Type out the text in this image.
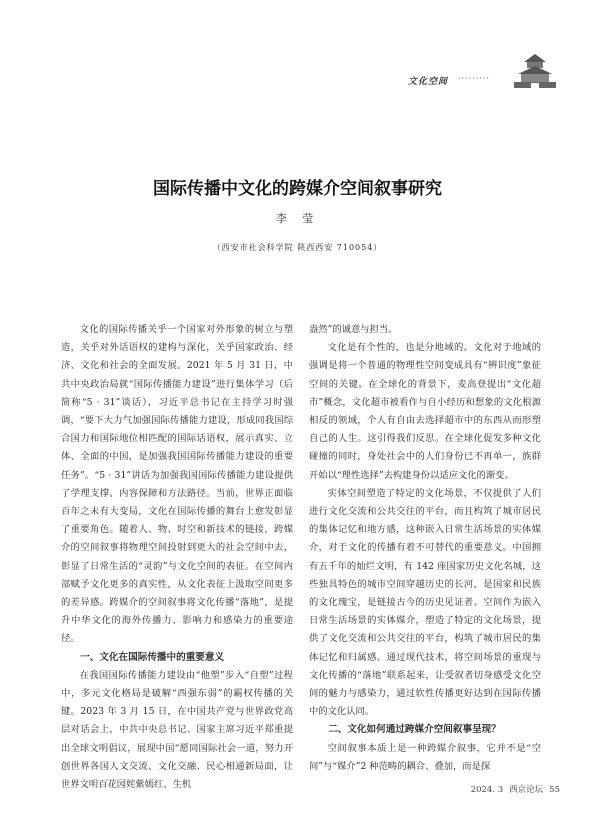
文化空间 ·········
国际传播中文化的跨媒介空间叙事研究
李 莹
（西安市社会科学院 陕西西安 710054）

文化的国际传播关乎一个国家对外形象的树立与塑造，关乎对外话语权的建构与深化，关乎国家政治、经济、文化和社会的全面发展。2021 年 5 月 31 日，中共中央政治局就“国际传播能力建设”进行集体学习（后简称“5 · 31”谈话），习近平总书记在主持学习时强调，“要下大力气加强国际传播能力建设，形成同我国综合国力和国际地位相匹配的国际话语权，展示真实、立体、全面的中国，是加强我国国际传播能力建设的重要任务”。“5 · 31”讲话为加强我国国际传播能力建设提供了学理支撑、内容保障和方法路径。当前，世界正面临百年之未有大变局，文化在国际传播的舞台上愈发彰显了重要角色。随着人、物、时空和新技术的链接，跨媒介的空间叙事将物理空间投射到更大的社会空间中去，彰显了日常生活的“灵韵”与文化空间的表征。在空间内部赋予文化更多的真实性，从文化表征上汲取空间更多的差异感。跨媒介的空间叙事将文化传播“落地”，是提升中华文化的海外传播力、影响力和感染力的重要途径。

一、文化在国际传播中的重要意义

在我国国际传播能力建设由“他塑”步入“自塑”过程中，多元文化格局是破解“西强东弱”的霸权传播的关键。2023 年 3 月 15 日，在中国共产党与世界政党高层对话会上，中共中央总书记、国家主席习近平郑重提出全球文明倡议，展现中国“愿同国际社会一道，努力开创世界各国人文交流、文化交融、民心相通新局面，让世界文明百花园姹紫嫣红、生机

盎然”的诚意与担当。

文化是有个性的，也是分地域的。文化对于地域的强调是将一个普通的物理性空间变成具有“辨识度”象征空间的关键。在全球化的背景下，麦高登提出“文化超市”概念，文化超市被看作与自小经历和想象的文化根源相反的领域，个人有自由去选择超市中的东西从而形塑自己的人生。这引得我们反思。在全球化促发多种文化碰撞的同时，身处社会中的人们身份已不再单一，族群开始以“理性选择”去构建身份以适应文化的渐变。

实体空间塑造了特定的文化场景，不仅提供了人们进行文化交流和公共交往的平台，而且构筑了城市居民的集体记忆和地方感，这种嵌入日常生活场景的实体媒介，对于文化的传播有着不可替代的重要意义。中国拥有五千年的灿烂文明，有 142 座国家历史文化名城，这些独具特色的城市空间穿越历史的长河，是国家和民族的文化瑰宝，是链接古今的历史见证者。空间作为嵌入日常生活场景的实体媒介，塑造了特定的文化场景，提供了文化交流和公共交往的平台，构筑了城市居民的集体记忆和归属感。通过现代技术，将空间场景的重现与文化传播的“落地”联系起来，让受叙者切身感受文化空间的魅力与感染力，通过软性传播更好达到在国际传播中的文化认同。

二、文化如何通过跨媒介空间叙事呈现？

空间叙事本质上是一种跨媒介叙事，它并不是“空间”与“媒介”2 种范畴的耦合、叠加，而是探

2024. 3 西京论坛 55
